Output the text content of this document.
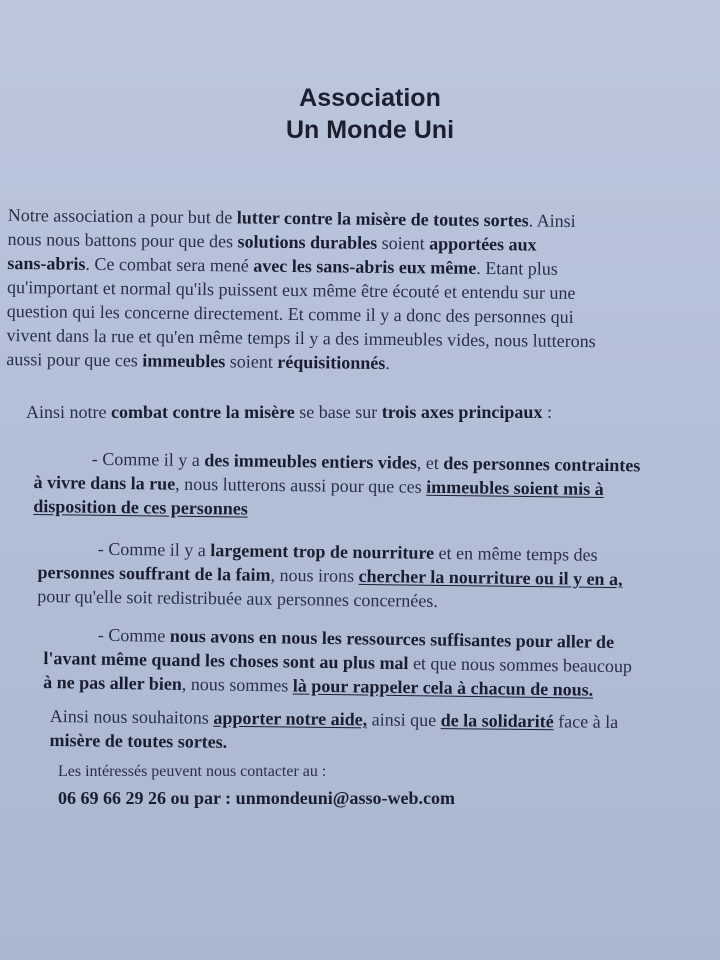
Association
Un Monde Uni
Notre association a pour but de lutter contre la misère de toutes sortes. Ainsi
nous nous battons pour que des solutions durables soient apportées aux
sans-abris. Ce combat sera mené avec les sans-abris eux même. Etant plus
qu'important et normal qu'ils puissent eux même être écouté et entendu sur une
question qui les concerne directement. Et comme il y a donc des personnes qui
vivent dans la rue et qu'en même temps il y a des immeubles vides, nous lutterons
aussi pour que ces immeubles soient réquisitionnés.
Ainsi notre combat contre la misère se base sur trois axes principaux :
- Comme il y a des immeubles entiers vides, et des personnes contraintes
à vivre dans la rue, nous lutterons aussi pour que ces immeubles soient mis à
disposition de ces personnes
- Comme il y a largement trop de nourriture et en même temps des
personnes souffrant de la faim, nous irons chercher la nourriture ou il y en a,
pour qu'elle soit redistribuée aux personnes concernées.
- Comme nous avons en nous les ressources suffisantes pour aller de
l'avant même quand les choses sont au plus mal et que nous sommes beaucoup
à ne pas aller bien, nous sommes là pour rappeler cela à chacun de nous.
Ainsi nous souhaitons apporter notre aide, ainsi que de la solidarité face à la
misère de toutes sortes.
Les intéressés peuvent nous contacter au :
06 69 66 29 26 ou par : unmondeuni@asso-web.com
